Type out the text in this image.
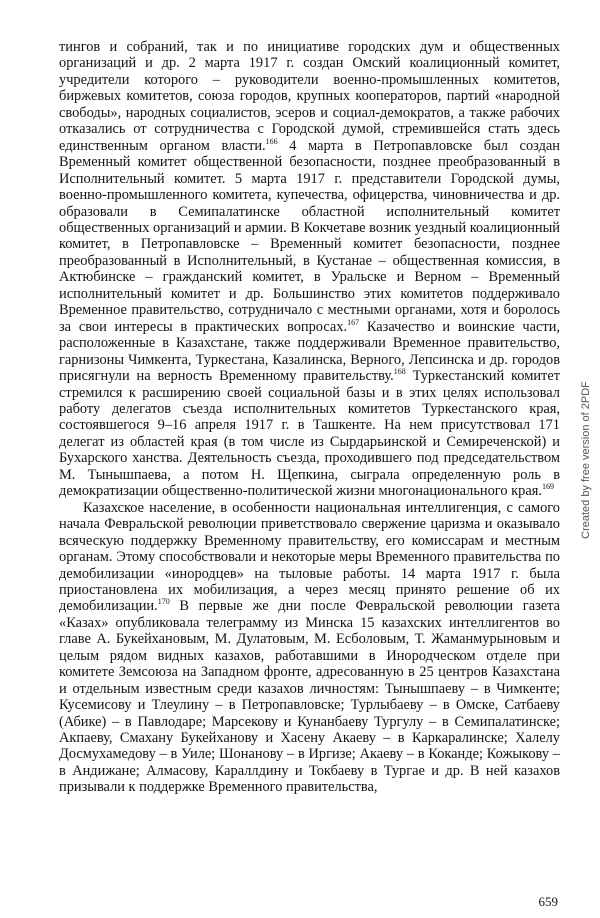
тингов и собраний, так и по инициативе городских дум и общественных организаций и др. 2 марта 1917 г. создан Омский коалиционный комитет, учредители которого – руководители военно-промышленных комитетов, биржевых комитетов, союза городов, крупных кооператоров, партий «народной свободы», народных социалистов, эсеров и социал-демократов, а также рабочих отказались от сотрудничества с Городской думой, стремившейся стать здесь единственным органом власти.$^{166}$ 4 марта в Петропавловске был создан Временный комитет общественной безопасности, позднее преобразованный в Исполнительный комитет. 5 марта 1917 г. представители Городской думы, военно-промышленного комитета, купечества, офицерства, чиновничества и др. образовали в Семипалатинске областной исполнительный комитет общественных организаций и армии. В Кокчетаве возник уездный коалиционный комитет, в Петропавловске – Временный комитет безопасности, позднее преобразованный в Исполнительный, в Кустанае – общественная комиссия, в Актюбинске – гражданский комитет, в Уральске и Верном – Временный исполнительный комитет и др. Большинство этих комитетов поддерживало Временное правительство, сотрудничало с местными органами, хотя и боролось за свои интересы в практических вопросах.$^{167}$ Казачество и воинские части, расположенные в Казахстане, также поддерживали Временное правительство, гарнизоны Чимкента, Туркестана, Казалинска, Верного, Лепсинска и др. городов присягнули на верность Временному правительству.$^{168}$ Туркестанский комитет стремился к расширению своей социальной базы и в этих целях использовал работу делегатов съезда исполнительных комитетов Туркестанского края, состоявшегося 9–16 апреля 1917 г. в Ташкенте. На нем присутствовал 171 делегат из областей края (в том числе из Сырдарьинской и Семиреченской) и Бухарского ханства. Деятельность съезда, проходившего под председательством М. Тынышпаева, а потом Н. Щепкина, сыграла определенную роль в демократизации общественно-политической жизни многонационального края.$^{169}$

Казахское население, в особенности национальная интеллигенция, с самого начала Февральской революции приветствовало свержение царизма и оказывало всяческую поддержку Временному правительству, его комиссарам и местным органам. Этому способствовали и некоторые меры Временного правительства по демобилизации «инородцев» на тыловые работы. 14 марта 1917 г. была приостановлена их мобилизация, а через месяц принято решение об их демобилизации.$^{170}$ В первые же дни после Февральской революции газета «Казах» опубликовала телеграмму из Минска 15 казахских интеллигентов во главе А. Букейхановым, М. Дулатовым, М. Есболовым, Т. Жаманмурыновым и целым рядом видных казахов, работавшими в Инородческом отделе при комитете Земсоюза на Западном фронте, адресованную в 25 центров Казахстана и отдельным известным среди казахов личностям: Тынышпаеву – в Чимкенте; Кусемисову и Тлеулину – в Петропавловске; Турлыбаеву – в Омске, Сатбаеву (Абике) – в Павлодаре; Марсекову и Кунанбаеву Тургулу – в Семипалатинске; Акпаеву, Смахану Букейханову и Хасену Акаеву – в Каркаралинске; Халелу Досмухамедову – в Уиле; Шонанову – в Иргизе; Акаеву – в Коканде; Кожыкову – в Андижане; Алмасову, Караллдину и Токбаеву в Тургае и др. В ней казахов призывали к поддержке Временного правительства,

659
Created by free version of 2PDF
